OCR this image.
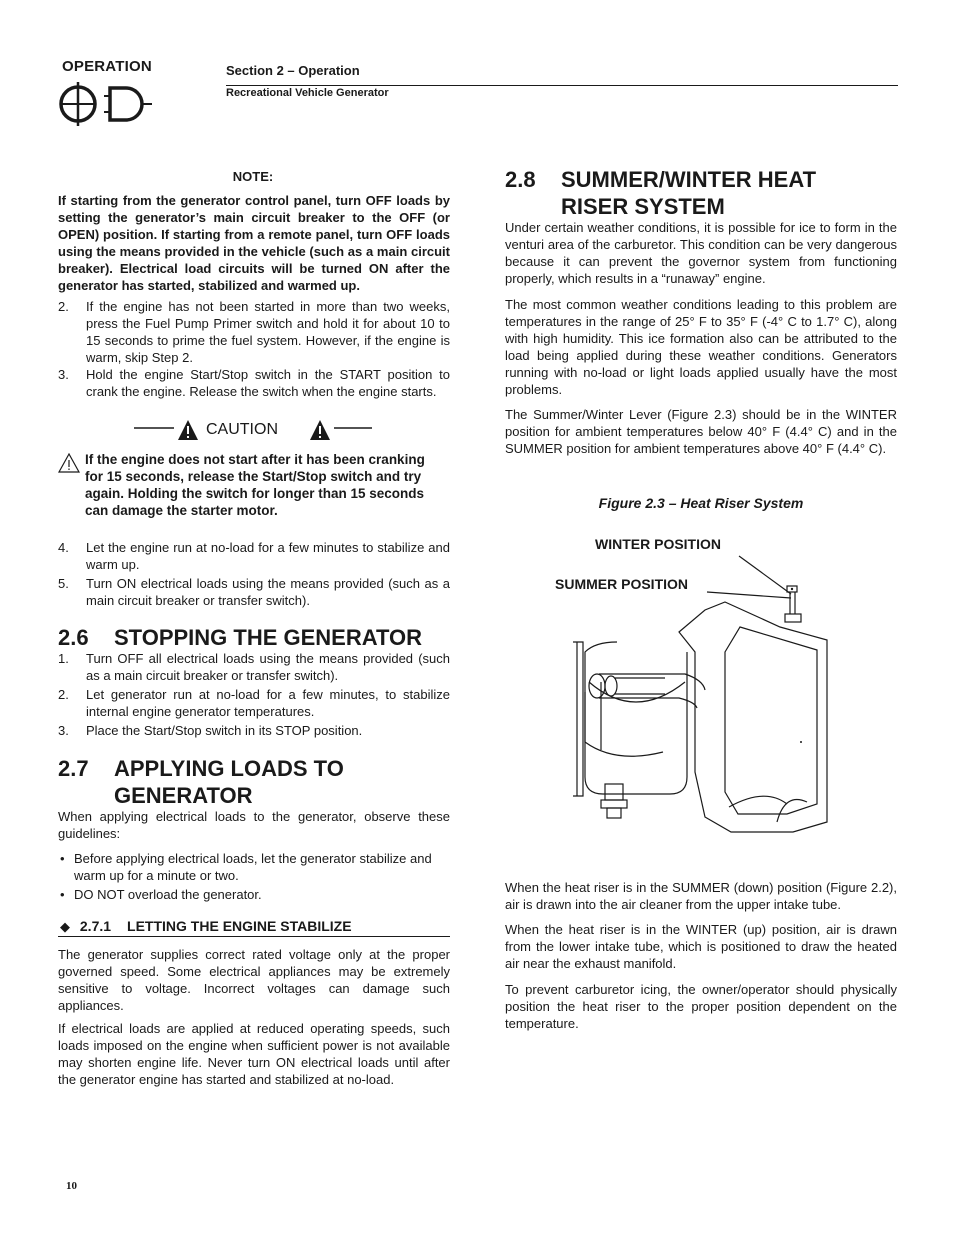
OPERATION	Section 2 – Operation
Recreational Vehicle Generator
NOTE:

If starting from the generator control panel, turn OFF loads by setting the generator’s main circuit breaker to the OFF (or OPEN) position. If starting from a remote panel, turn OFF loads using the means provided in the vehicle (such as a main circuit breaker). Electrical load circuits will be turned ON after the generator has started, stabilized and warmed up.

2. If the engine has not been started in more than two weeks, press the Fuel Pump Primer switch and hold it for about 10 to 15 seconds to prime the fuel system. However, if the engine is warm, skip Step 2.
3. Hold the engine Start/Stop switch in the START position to crank the engine. Release the switch when the engine starts.
CAUTION

If the engine does not start after it has been cranking for 15 seconds, release the Start/Stop switch and try again. Holding the switch for longer than 15 seconds can damage the starter motor.

4. Let the engine run at no-load for a few minutes to stabilize and warm up.
5. Turn ON electrical loads using the means provided (such as a main circuit breaker or transfer switch).
2.6 STOPPING THE GENERATOR
1. Turn OFF all electrical loads using the means provided (such as a main circuit breaker or transfer switch).
2. Let generator run at no-load for a few minutes, to stabilize internal engine generator temperatures.
3. Place the Start/Stop switch in its STOP position.
2.7 APPLYING LOADS TO
GENERATOR

When applying electrical loads to the generator, observe these guidelines:

• Before applying electrical loads, let the generator stabilize and warm up for a minute or two.
• DO NOT overload the generator.
◆ 2.7.1 LETTING THE ENGINE STABILIZE

The generator supplies correct rated voltage only at the proper governed speed. Some electrical appliances may be extremely sensitive to voltage. Incorrect voltages can damage such appliances.

If electrical loads are applied at reduced operating speeds, such loads imposed on the engine when sufficient power is not available may shorten engine life. Never turn ON electrical loads until after the generator engine has started and stabilized at no-load.

2.8 SUMMER/WINTER HEAT
RISER SYSTEM

Under certain weather conditions, it is possible for ice to form in the venturi area of the carburetor. This condition can be very dangerous because it can prevent the governor system from functioning properly, which results in a “runaway” engine.

The most common weather conditions leading to this problem are temperatures in the range of 25° F to 35° F (-4° C to 1.7° C), along with high humidity. This ice formation also can be attributed to the load being applied during these weather conditions. Generators running with no-load or light loads applied usually have the most problems.

The Summer/Winter Lever (Figure 2.3) should be in the WINTER position for ambient temperatures below 40° F (4.4° C) and in the SUMMER position for ambient temperatures above 40° F (4.4° C).

Figure 2.3 – Heat Riser System
WINTER POSITION
SUMMER POSITION

When the heat riser is in the SUMMER (down) position (Figure 2.2), air is drawn into the air cleaner from the upper intake tube.

When the heat riser is in the WINTER (up) position, air is drawn from the lower intake tube, which is positioned to draw the heated air near the exhaust manifold.

To prevent carburetor icing, the owner/operator should physically position the heat riser to the proper position dependent on the temperature.

10
